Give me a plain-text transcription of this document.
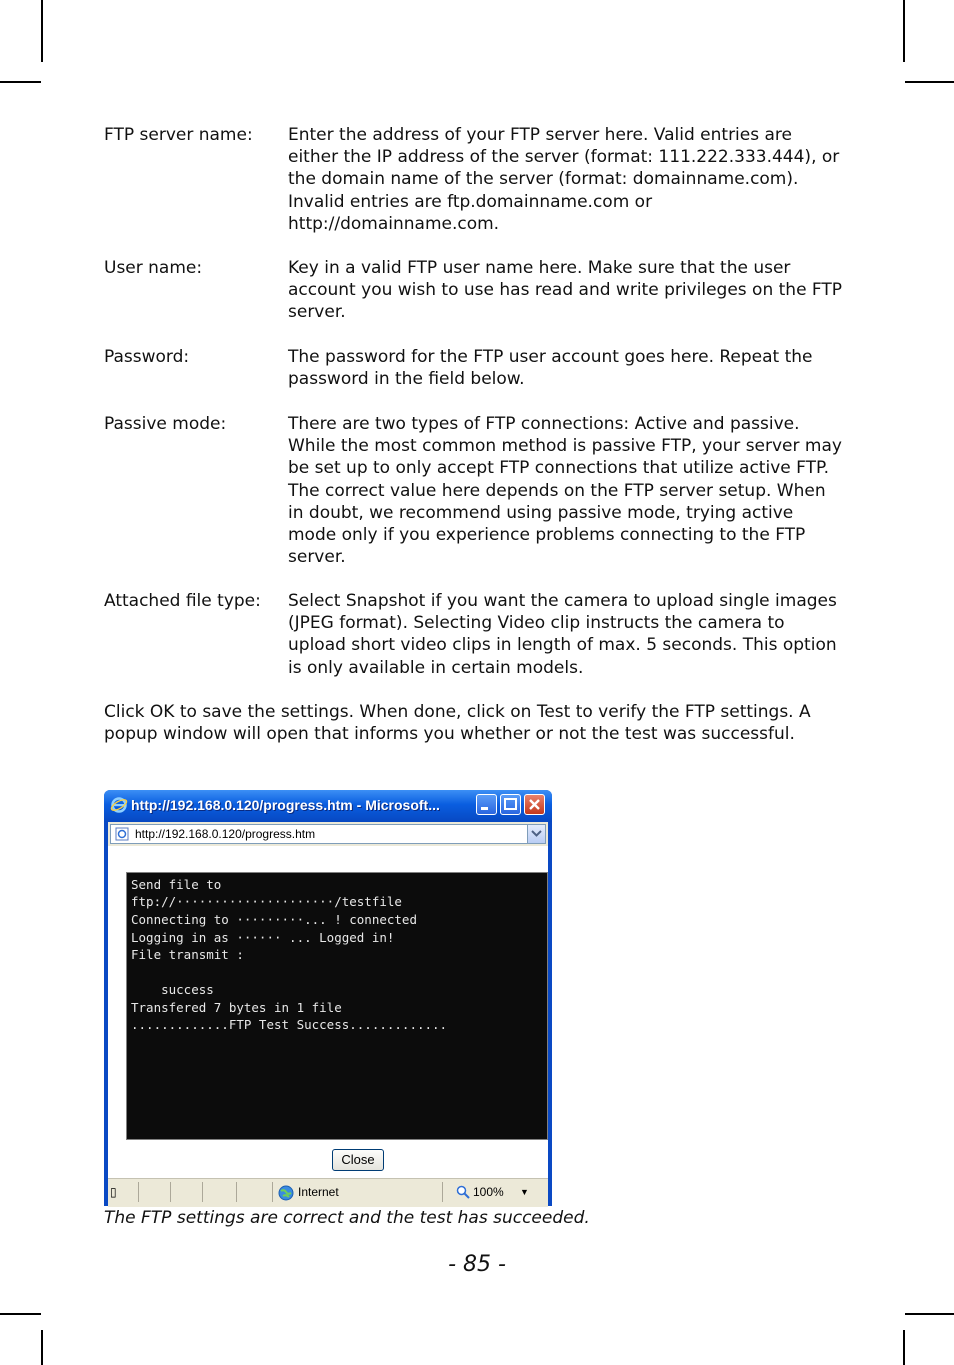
FTP server name: Enter the address of your FTP server here. Valid entries are either the IP address of the server (format: 111.222.333.444), or the domain name of the server (format: domainname.com). Invalid entries are ftp.domainname.com or http://domainname.com.
User name:	Key in a valid FTP user name here. Make sure that the user account you wish to use has read and write privileges on the FTP server.
Password:	The password for the FTP user account goes here. Repeat the password in the field below.
Passive mode:	There are two types of FTP connections: Active and passive. While the most common method is passive FTP, your server may be set up to only accept FTP connections that utilize active FTP. The correct value here depends on the FTP server setup. When in doubt, we recommend using passive mode, trying active mode only if you experience problems connecting to the FTP server.
Attached file type: Select Snapshot if you want the camera to upload single images (JPEG format). Selecting Video clip instructs the camera to upload short video clips in length of max. 5 seconds. This option is only available in certain models.
Click OK to save the settings. When done, click on Test to verify the FTP settings. A popup window will open that informs you whether or not the test was successful.
http://192.168.0.120/progress.htm - Microsoft...
http://192.168.0.120/progress.htm
Send file to
ftp://·····················/testfile
Connecting to ·········... ! connected
Logging in as ······ ... Logged in!
File transmit :
success
Transfered 7 bytes in 1 file
.............FTP Test Success.............
Close
▯	Internet	100% ▼
The FTP settings are correct and the test has succeeded.
- 85 -
